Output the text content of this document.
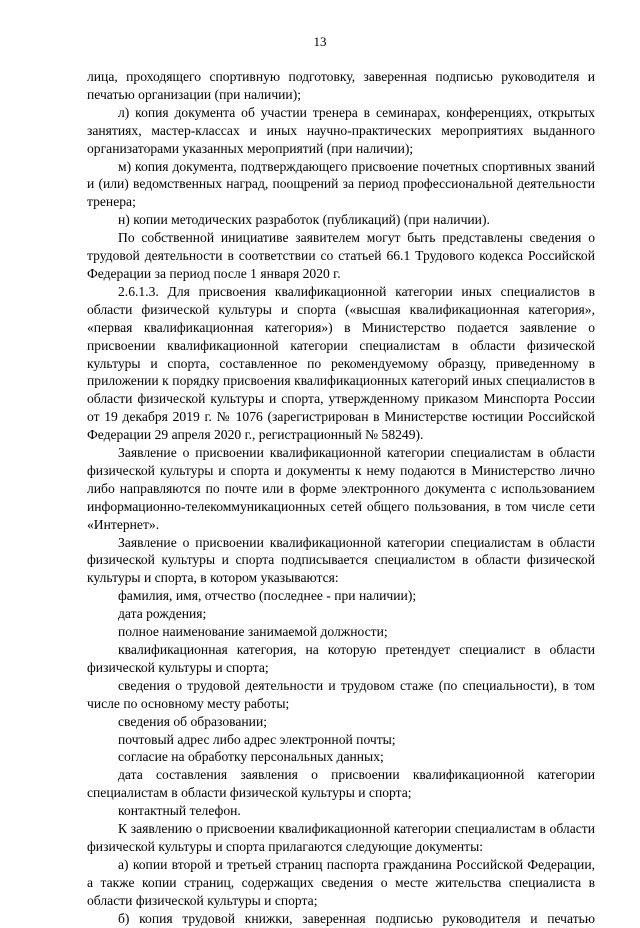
13

лица, проходящего спортивную подготовку, заверенная подписью руководителя и печатью организации (при наличии);

л) копия документа об участии тренера в семинарах, конференциях, открытых занятиях, мастер-классах и иных научно-практических мероприятиях выданного организаторами указанных мероприятий (при наличии);

м) копия документа, подтверждающего присвоение почетных спортивных званий и (или) ведомственных наград, поощрений за период профессиональной деятельности тренера;

н) копии методических разработок (публикаций) (при наличии).

По собственной инициативе заявителем могут быть представлены сведения о трудовой деятельности в соответствии со статьей 66.1 Трудового кодекса Российской Федерации за период после 1 января 2020 г.

2.6.1.3. Для присвоения квалификационной категории иных специалистов в области физической культуры и спорта («высшая квалификационная категория», «первая квалификационная категория») в Министерство подается заявление о присвоении квалификационной категории специалистам в области физической культуры и спорта, составленное по рекомендуемому образцу, приведенному в приложении к порядку присвоения квалификационных категорий иных специалистов в области физической культуры и спорта, утвержденному приказом Минспорта России от 19 декабря 2019 г. № 1076 (зарегистрирован в Министерстве юстиции Российской Федерации 29 апреля 2020 г., регистрационный № 58249).

Заявление о присвоении квалификационной категории специалистам в области физической культуры и спорта и документы к нему подаются в Министерство лично либо направляются по почте или в форме электронного документа с использованием информационно-телекоммуникационных сетей общего пользования, в том числе сети «Интернет».

Заявление о присвоении квалификационной категории специалистам в области физической культуры и спорта подписывается специалистом в области физической культуры и спорта, в котором указываются:

фамилия, имя, отчество (последнее - при наличии);

дата рождения;

полное наименование занимаемой должности;

квалификационная категория, на которую претендует специалист в области физической культуры и спорта;

сведения о трудовой деятельности и трудовом стаже (по специальности), в том числе по основному месту работы;

сведения об образовании;

почтовый адрес либо адрес электронной почты;

согласие на обработку персональных данных;

дата составления заявления о присвоении квалификационной категории специалистам в области физической культуры и спорта;

контактный телефон.

К заявлению о присвоении квалификационной категории специалистам в области физической культуры и спорта прилагаются следующие документы:

а) копии второй и третьей страниц паспорта гражданина Российской Федерации, а также копии страниц, содержащих сведения о месте жительства специалиста в области физической культуры и спорта;

б) копия трудовой книжки, заверенная подписью руководителя и печатью
